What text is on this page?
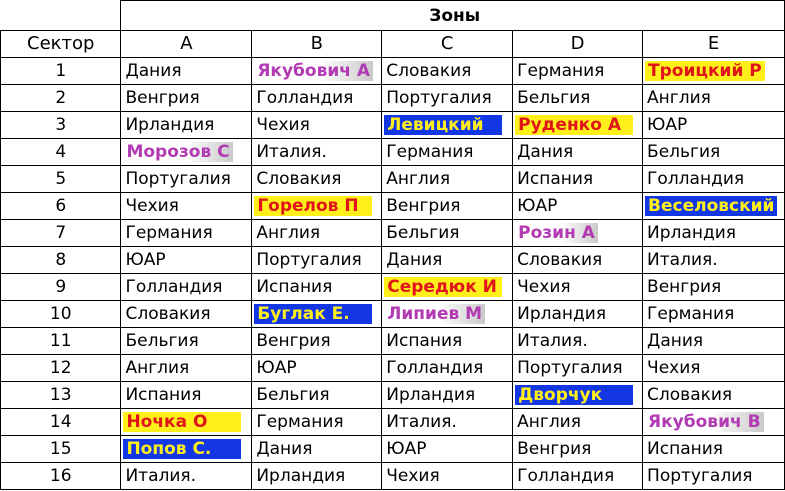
	Зоны				
Сектор	A	B	C	D	E
1	Дания	Якубович А	Словакия	Германия	Троицкий Р
2	Венгрия	Голландия	Португалия	Бельгия	Англия
3	Ирландия	Чехия	Левицкий	Руденко А	ЮАР
4	Морозов С	Италия.	Германия	Дания	Бельгия
5	Португалия	Словакия	Англия	Испания	Голландия
6	Чехия	Горелов П	Венгрия	ЮАР	Веселовский
7	Германия	Англия	Бельгия	Розин А	Ирландия
8	ЮАР	Португалия	Дания	Словакия	Италия.
9	Голландия	Испания	Середюк И	Чехия	Венгрия
10	Словакия	Буглак Е.	Липиев М	Ирландия	Германия
11	Бельгия	Венгрия	Испания	Италия.	Дания
12	Англия	ЮАР	Голландия	Португалия	Чехия
13	Испания	Бельгия	Ирландия	Дворчук	Словакия
14	Ночка О	Германия	Италия.	Англия	Якубович В
15	Попов С.	Дания	ЮАР	Венгрия	Испания
16	Италия.	Ирландия	Чехия	Голландия	Португалия
